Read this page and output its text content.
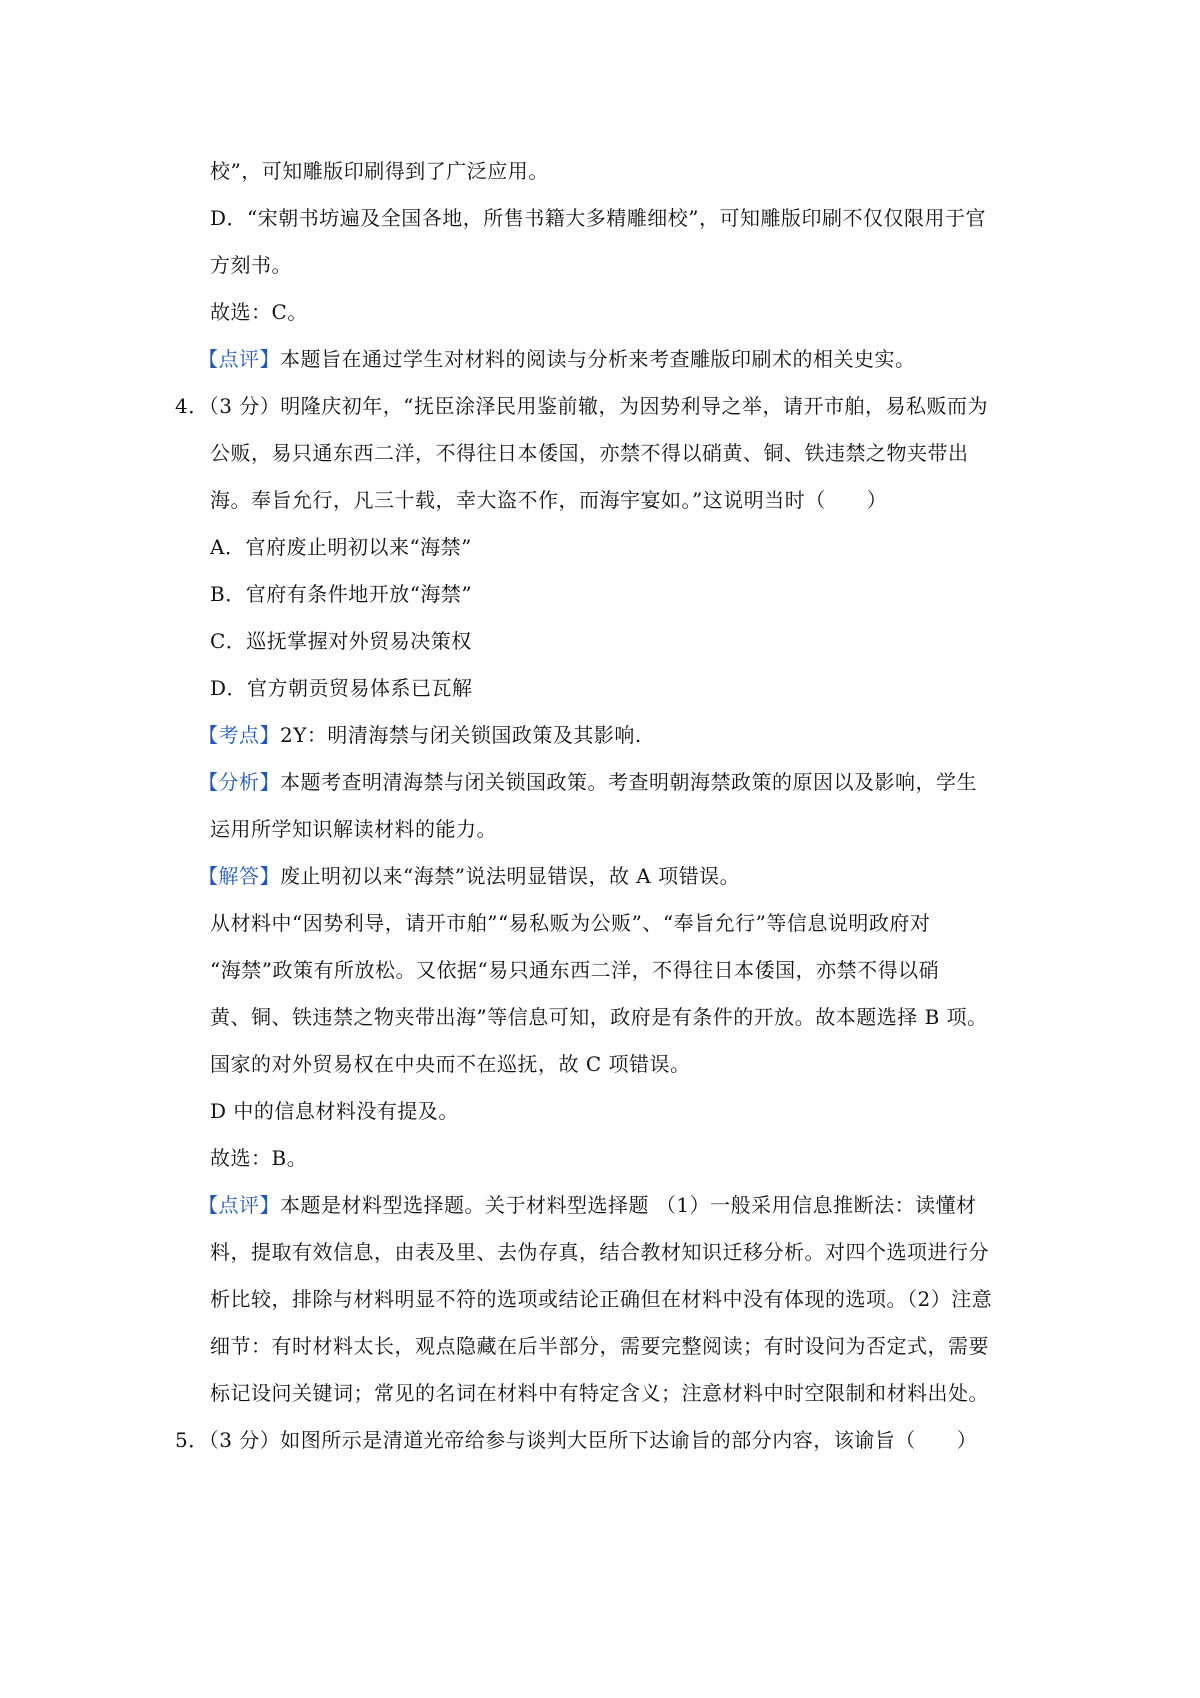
校”，可知雕版印刷得到了广泛应用。
D．“宋朝书坊遍及全国各地，所售书籍大多精雕细校”，可知雕版印刷不仅仅限用于官
方刻书。
故选：C。
【点评】本题旨在通过学生对材料的阅读与分析来考查雕版印刷术的相关史实。
4．（3 分）明隆庆初年，“抚臣涂泽民用鉴前辙，为因势利导之举，请开市舶，易私贩而为
公贩，易只通东西二洋，不得往日本倭国，亦禁不得以硝黄、铜、铁违禁之物夹带出
海。奉旨允行，凡三十载，幸大盗不作，而海宇宴如。”这说明当时（　　）
A．官府废止明初以来“海禁”
B．官府有条件地开放“海禁”
C．巡抚掌握对外贸易决策权
D．官方朝贡贸易体系已瓦解
【考点】2Y：明清海禁与闭关锁国政策及其影响.
【分析】本题考查明清海禁与闭关锁国政策。考查明朝海禁政策的原因以及影响，学生
运用所学知识解读材料的能力。
【解答】废止明初以来“海禁”说法明显错误，故 A 项错误。
从材料中“因势利导，请开市舶”“易私贩为公贩”、“奉旨允行”等信息说明政府对
“海禁”政策有所放松。又依据“易只通东西二洋，不得往日本倭国，亦禁不得以硝
黄、铜、铁违禁之物夹带出海”等信息可知，政府是有条件的开放。故本题选择 B 项。
国家的对外贸易权在中央而不在巡抚，故 C 项错误。
D 中的信息材料没有提及。
故选：B。
【点评】本题是材料型选择题。关于材料型选择题 （1）一般采用信息推断法：读懂材
料，提取有效信息，由表及里、去伪存真，结合教材知识迁移分析。对四个选项进行分
析比较，排除与材料明显不符的选项或结论正确但在材料中没有体现的选项。（2）注意
细节：有时材料太长，观点隐藏在后半部分，需要完整阅读；有时设问为否定式，需要
标记设问关键词；常见的名词在材料中有特定含义；注意材料中时空限制和材料出处。
5．（3 分）如图所示是清道光帝给参与谈判大臣所下达谕旨的部分内容，该谕旨（　　）
